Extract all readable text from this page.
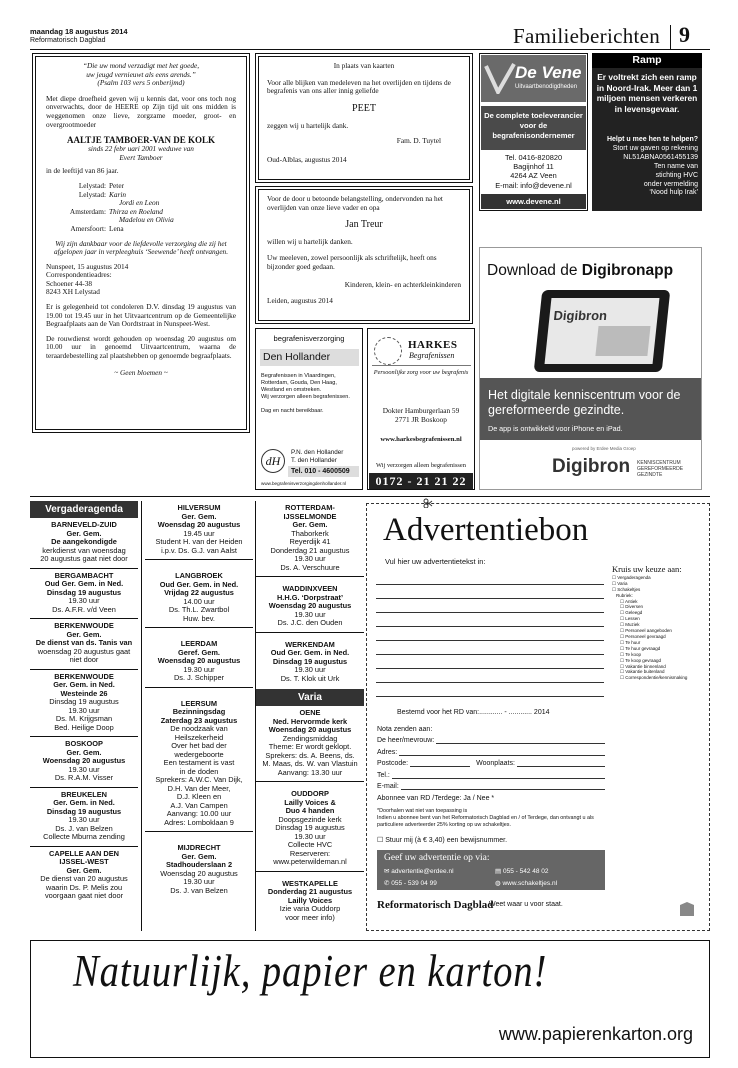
maandag 18 augustus 2014
Reformatorisch Dagblad	Familieberichten 9

“Die uw mond verzadigt met het goede,

uw jeugd vernieuwt als eens arends.”

(Psalm 103 vers 5 onberijmd)

Met diepe droefheid geven wij u kennis dat, voor ons toch nog onverwachts, door de HEERE op Zijn tijd uit ons midden is weggenomen onze lieve, zorgzame moeder, groot- en overgrootmoeder

AALTJE TAMBOER-VAN DE KOLK

sinds 22 febr uari 2001 weduwe van

Evert Tamboer

in de leeftijd van 86 jaar.

Lelystad: Peter
Lelystad: Karin
Jordi en Leon
Amsterdam: Thirza en Roeland
Madelou en Olivia
Amersfoort: Lena

Wij zijn dankbaar voor de liefdevolle verzorging die zij het afgelopen jaar in verpleeghuis ‘Seewende’ heeft ontvangen.

Nunspeet, 15 augustus 2014

Correspondentieadres:

Schoener 44-38

8243 XH Lelystad

Er is gelegenheid tot condoleren D.V. dinsdag 19 augustus van 19.00 tot 19.45 uur in het Uitvaartcentrum op de Gemeentelijke Begraafplaats aan de Van Oordtstraat in Nunspeet-West.

De rouwdienst wordt gehouden op woensdag 20 augustus om 10.00 uur in genoemd Uitvaartcentrum, waarna de teraardebestelling zal plaatshebben op genoemde begraafplaats.

~ Geen bloemen ~

In plaats van kaarten

Voor alle blijken van medeleven na het overlijden en tijdens de begrafenis van ons aller innig geliefde

PEET

zeggen wij u hartelijk dank.

Fam. D. Tuytel

Oud-Alblas, augustus 2014

Voor de door u betoonde belangstelling, ondervonden na het overlijden van onze lieve vader en opa

Jan Treur

willen wij u hartelijk danken.

Uw meeleven, zowel persoonlijk als schriftelijk, heeft ons bijzonder goed gedaan.

Kinderen, klein- en achterkleinkinderen

Leiden, augustus 2014

De Vene
Uitvaartbenodigdheden
De complete toeleverancier voor de begrafenisondernemer
Tel. 0416-820820
Bagijnhof 11
4264 AZ Veen
E-mail: info@devene.nl
www.devene.nl
Ramp
Er voltrekt zich een ramp in Noord-Irak. Meer dan 1 miljoen mensen verkeren in levensgevaar.
Helpt u mee hen te helpen?
Stort uw gaven op rekening
NL51ABNA0561455139
Ten name van
stichting HVC
onder vermelding
‘Nood hulp Irak’
Download de Digibronapp
Digibron
Het digitale kenniscentrum voor de gereformeerde gezindte.
De app is ontwikkeld voor iPhone en iPad.
powered by Erdee Media Groep
Digibron KENNISCENTRUM
GEREFORMEERDE GEZINDTE
begrafenisverzorging
Den Hollander
Begrafenissen in Vlaardingen, Rotterdam, Gouda, Den Haag, Westland en omstreken.
Wij verzorgen alleen begrafenissen.
Dag en nacht bereikbaar.
dH
P.N. den Hollander
T. den Hollander
Tel. 010 - 4600509
www.begrafenisverzorgingdenhollander.nl
HARKES
Begrafenissen
Persoonlijke zorg voor uw begrafenis
Dokter Hamburgerlaan 59
2771 JR Boskoop
www.harkesbegrafenissen.nl
Wij verzorgen alleen begrafenissen
0172 - 21 21 22
Vergaderagenda
BARNEVELD-ZUID
Ger. Gem.
De aangekondigde
kerkdienst van woensdag
20 augustus gaat niet door
BERGAMBACHT
Oud Ger. Gem. in Ned.
Dinsdag 19 augustus
19.30 uur
Ds. A.F.R. v/d Veen
BERKENWOUDE
Ger. Gem.
De dienst van ds. Tanis van
woensdag 20 augustus gaat
niet door
BERKENWOUDE
Ger. Gem. in Ned.
Westeinde 26
Dinsdag 19 augustus
19.30 uur
Ds. M. Krijgsman
Bed. Heilige Doop
BOSKOOP
Ger. Gem.
Woensdag 20 augustus
19.30 uur
Ds. R.A.M. Visser
BREUKELEN
Ger. Gem. in Ned.
Dinsdag 19 augustus
19.30 uur
Ds. J. van Belzen
Collecte Mburna zending
CAPELLE AAN DEN
IJSSEL-WEST
Ger. Gem.
De dienst van 20 augustus
waarin Ds. P. Melis zou
voorgaan gaat niet door
HILVERSUM
Ger. Gem.
Woensdag 20 augustus
19.45 uur
Student H. van der Heiden
i.p.v. Ds. G.J. van Aalst
LANGBROEK
Oud Ger. Gem. in Ned.
Vrijdag 22 augustus
14.00 uur
Ds. Th.L. Zwartbol
Huw. bev.
LEERDAM
Geref. Gem.
Woensdag 20 augustus
19.30 uur
Ds. J. Schipper
LEERSUM
Bezinningsdag
Zaterdag 23 augustus
De noodzaak van
Heilszekerheid
Over het bad der
wedergeboorte
Een testament is vast
in de doden
Sprekers: A.W.C. Van Dijk,
D.H. Van der Meer,
D.J. Kleen en
A.J. Van Campen
Aanvang: 10.00 uur
Adres: Lomboklaan 9
MIJDRECHT
Ger. Gem.
Stadhouderslaan 2
Woensdag 20 augustus
19.30 uur
Ds. J. van Belzen
ROTTERDAM-
IJSSELMONDE
Ger. Gem.
Thaborkerk
Reyerdijk 41
Donderdag 21 augustus
19.30 uur
Ds. A. Verschuure
WADDINXVEEN
H.H.G. ‘Dorpstraat’
Woensdag 20 augustus
19.30 uur
Ds. J.C. den Ouden
WERKENDAM
Oud Ger. Gem. in Ned.
Dinsdag 19 augustus
19.30 uur
Ds. T. Klok uit Urk
Varia
OENE
Ned. Hervormde kerk
Woensdag 20 augustus
Zendingsmiddag
Theme: Er wordt geklopt.
Sprekers: ds. A. Beens, ds.
M. Maas, ds. W. van Vlastuin
Aanvang: 13.30 uur
OUDDORP
Lailly Voices &
Duo 4 handen
Doopsgezinde kerk
Dinsdag 19 augustus
19.30 uur
Collecte HVC
Reserveren:
www.peterwildeman.nl
WESTKAPELLE
Donderdag 21 augustus
Lailly Voices
Izie varia Ouddorp
voor meer info)
Advertentiebon
Vul hier uw advertentietekst in:
Kruis uw keuze aan:
☐ Vergaderagenda
☐ Varia
☐ Schakeltjes
Rubriek:
☐ Antiek
☐ Diversen
☐ Geleegd
☐ Lessen
☐ Muziek
☐ Personeel aangeboden
☐ Personeel gevraagd
☐ Te huur
☐ Te huur gevraagd
☐ Te koop
☐ Te koop gevraagd
☐ Vakantie binnenland
☐ Vakantie buitenland
☐ Correspondentie/kennismaking
Bestemd voor het RD van:............ - ............ 2014
Nota zenden aan:
De heer/mevrouw:
Adres:
Postcode:	Woonplaats:
Tel.:
E-mail:
Abonnee van RD /Terdege: Ja / Nee *
*Doorhalen wat niet van toepassing is
Indien u abonnee bent van het Reformatorisch Dagblad en / of Terdege, dan ontvangt u als particuliere adverteerder 25% korting op uw schakeltjes.
☐ Stuur mij (à € 3,40) een bewijsnummer.
Geef uw advertentie op via:
✉ advertentie@erdee.nl	▤ 055 - 542 48 02
✆ 055 - 539 04 99	◍ www.schakeltjes.nl
Reformatorisch Dagblad
Weet waar u voor staat.
Natuurlijk, papier en karton!
www.papierenkarton.org
